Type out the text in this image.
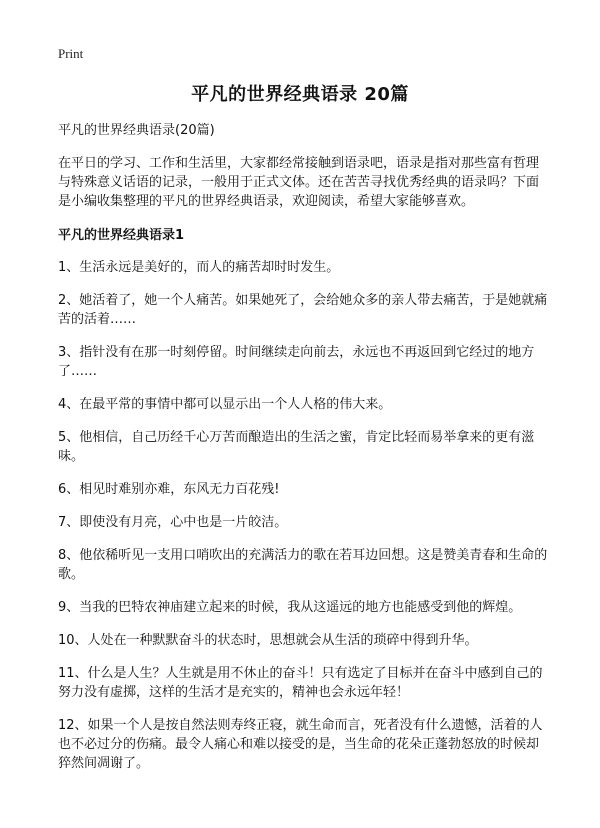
Print
平凡的世界经典语录 20篇

平凡的世界经典语录(20篇)

在平日的学习、工作和生活里，大家都经常接触到语录吧，语录是指对那些富有哲理与特殊意义话语的记录，一般用于正式文体。还在苦苦寻找优秀经典的语录吗？下面是小编收集整理的平凡的世界经典语录，欢迎阅读，希望大家能够喜欢。

平凡的世界经典语录1

1、生活永远是美好的，而人的痛苦却时时发生。

2、她活着了，她一个人痛苦。如果她死了，会给她众多的亲人带去痛苦，于是她就痛苦的活着……

3、指针没有在那一时刻停留。时间继续走向前去，永远也不再返回到它经过的地方了……

4、在最平常的事情中都可以显示出一个人人格的伟大来。

5、他相信，自己历经千心万苦而酿造出的生活之蜜，肯定比轻而易举拿来的更有滋味。

6、相见时难别亦难，东风无力百花残!

7、即使没有月亮，心中也是一片皎洁。

8、他依稀听见一支用口哨吹出的充满活力的歌在若耳边回想。这是赞美青春和生命的歌。

9、当我的巴特农神庙建立起来的时候，我从这遥远的地方也能感受到他的辉煌。

10、人处在一种默默奋斗的状态时，思想就会从生活的琐碎中得到升华。

11、什么是人生？人生就是用不休止的奋斗！只有选定了目标并在奋斗中感到自己的努力没有虚掷，这样的生活才是充实的，精神也会永远年轻！

12、如果一个人是按自然法则寿终正寝，就生命而言，死者没有什么遗憾，活着的人也不必过分的伤痛。最令人痛心和难以接受的是，当生命的花朵正蓬勃怒放的时候却猝然间凋谢了。
